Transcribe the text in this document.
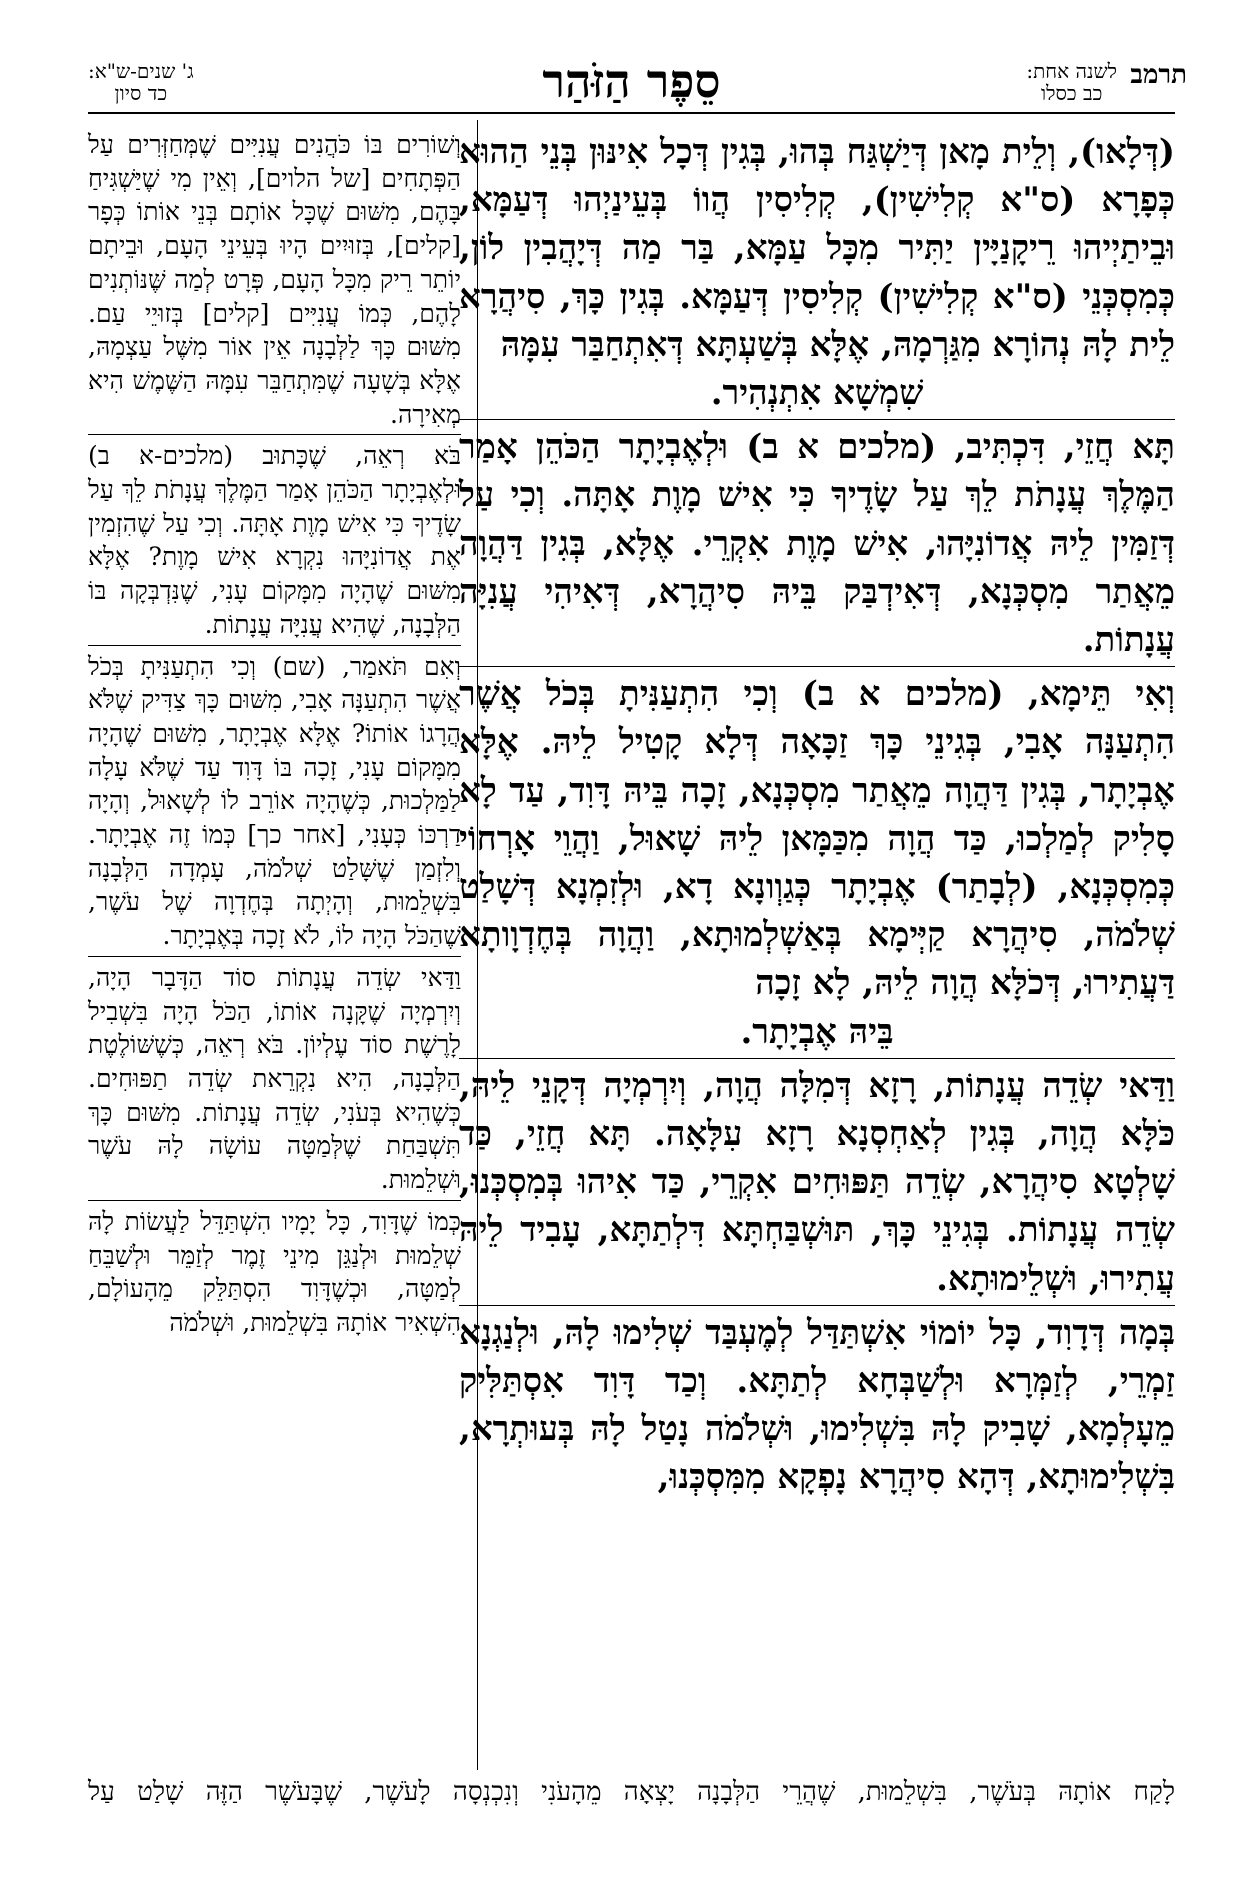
תרמב
לשנה אחת:
כב כסלו
סֵפֶר הַזֹּהַר
ג' שנים-ש"א:
כד סיון

(דְּלָאו), וְלֵית מָאן דְּיַשְׁגַּח בְּהוּ, בְּגִין דְּכָל אִינּוּן בְּנֵי הַהוּא כְּפָרָא (ס"א קְלִישִׁין), קְלִיסִין הֲווֹ בְּעֵינַיְהוּ דְּעַמָּא, וּבֵיתַיְיהוּ רֵיקָנַיָּין יַתִּיר מִכָּל עַמָּא, בַּר מַה דְּיָהֲבִין לוֹן, כְּמִסְכְּנֵי (ס"א קְלִישִׁין) קְלִיסִין דְּעַמָּא. בְּגִין כָּךְ, סִיהֲרָא לֵית לָהּ נְהוֹרָא מִגַּרְמָהּ, אֶלָּא בְּשַׁעְתָּא דְּאִתְחַבַּר עִמָּהּ

שִׁמְשָׁא אִתְנְהִיר.

תָּא חֲזֵי, דִּכְתִּיב, (מלכים א ב) וּלְאֶבְיָתָר הַכֹּהֵן אָמַר הַמֶּלֶךְ עֲנָתֹת לֵךְ עַל שָׂדֶיךָ כִּי אִישׁ מָוֶת אָתָּה. וְכִי עַל דְּזַמִּין לֵיהּ אֲדוֹנִיָּהוּ, אִישׁ מָוֶת אִקְרֵי. אֶלָּא, בְּגִין דַּהֲוָה מֵאֲתַר מִסְכְּנָא, דְּאִידְבַּק בֵּיהּ סִיהֲרָא, דְּאִיהִי עֲנִיָּה עֲנָתוֹת.

וְאִי תֵּימָא, (מלכים א ב) וְכִי הִתְעַנִּיתָ בְּכֹל אֲשֶׁר הִתְעַנָּה אָבִי, בְּגִינֵי כָּךְ זַכָּאָה דְּלָא קָטִיל לֵיהּ. אֶלָּא אֶבְיָתָר, בְּגִין דַּהֲוָה מֵאֲתַר מִסְכְּנָא, זָכָה בֵּיהּ דָּוִד, עַד לָא סָלִיק לְמַלְכוּ, כַּד הֲוָה מִכַּמָּאן לֵיהּ שָׁאוּל, וַהֲוֵי אָרְחוֹי כְּמִסְכְּנָא, (לְבָתַר) אֶבְיָתָר כְּגַוְונָא דָא, וּלְזִמְנָא דְּשָׁלַט שְׁלֹמֹה, סִיהֲרָא קַיְּימָא בְּאַשְׁלְמוּתָא, וַהֲוָה בְּחֶדְוָותָא דַּעֲתִירוּ, דְּכֹלָּא הֲוָה לֵיהּ, לָא זָכָה

בֵּיהּ אֶבְיָתָר.

וַדַּאי שְׂדֵה עֲנָתוֹת, רָזָא דְּמִלָּה הֲוָה, וְיִרְמְיָה דְּקָנֵי לֵיהּ, כֹּלָּא הֲוָה, בְּגִין לְאַחְסְנָא רָזָא עִלָּאָה. תָּא חֲזֵי, כַּד שָׁלְטָא סִיהֲרָא, שְׂדֵה תַּפּוּחִים אִקְרֵי, כַּד אִיהוּ בְּמִסְכְּנוּ, שְׂדֵה עֲנָתוֹת. בְּגִינֵי כָּךְ, תּוּשְׁבַּחְתָּא דִּלְתַתָּא, עָבִיד לֵיהּ עֲתִירוּ, וּשְׁלֵימוּתָא.

בְּמָה דְּדָוִד, כָּל יוֹמוֹי אִשְׁתַּדַּל לְמֶעְבַּד שְׁלִימוּ לָהּ, וּלְנַגְנָא זַמְרֵי, לְזַמְּרָא וּלְשַׁבְּחָא לְתַתָּא. וְכַד דָּוִד אִסְתַּלִּיק מֵעָלְמָא, שָׁבִיק לָהּ בִּשְׁלִימוּ, וּשְׁלֹמֹה נָטַל לָהּ בְּעוּתְרָא, בִּשְׁלִימוּתָא, דְּהָא סִיהֲרָא נָפְקָא מִמִּסְכְּנוּ,

וְשׁוֹרִים בּוֹ כֹּהֲנִים עֲנִיִּים שֶׁמְּחַזְּרִים עַל הַפְּתָחִים [של הלוים], וְאֵין מִי שֶׁיַּשְׁגִּיחַ בָּהֶם, מִשּׁוּם שֶׁכָּל אוֹתָם בְּנֵי אוֹתוֹ כְּפָר [קלים], בְּזוּיִים הָיוּ בְּעֵינֵי הָעָם, וּבֵיתָם יוֹתֵר רֵיק מִכָּל הָעָם, פְּרָט לְמַה שֶּׁנּוֹתְנִים לָהֶם, כְּמוֹ עֲנִיִּים [קלים] בְּזוּיֵי עַם. מִשּׁוּם כָּךְ לַלְּבָנָה אֵין אוֹר מִשֶּׁל עַצְמָהּ, אֶלָּא בְּשָׁעָה שֶׁמִּתְחַבֵּר עִמָּהּ הַשֶּׁמֶשׁ הִיא מְאִירָה.

בֹּא רְאֵה, שֶׁכָּתוּב (מלכים-א ב) וּלְאֶבְיָתָר הַכֹּהֵן אָמַר הַמֶּלֶךְ עֲנָתֹת לֵךְ עַל שָׂדֶיךָ כִּי אִישׁ מָוֶת אָתָּה. וְכִי עַל שֶׁהִזְמִין אֶת אֲדוֹנִיָּהוּ נִקְרָא אִישׁ מָוֶת? אֶלָּא מִשּׁוּם שֶׁהָיָה מִמָּקוֹם עָנִי, שֶׁנִּדְבְּקָה בּוֹ הַלְּבָנָה, שֶׁהִיא עֲנִיָּה עֲנָתוֹת.

וְאִם תֹּאמַר, (שם) וְכִי הִתְעַנִּיתָ בְּכֹל אֲשֶׁר הִתְעַנָּה אָבִי, מִשּׁוּם כָּךְ צַדִּיק שֶׁלֹּא הֲרָגוֹ אוֹתוֹ? אֶלָּא אֶבְיָתָר, מִשּׁוּם שֶׁהָיָה מִמָּקוֹם עָנִי, זָכָה בּוֹ דָּוִד עַד שֶׁלֹּא עָלָה לַמַּלְכוּת, כְּשֶׁהָיָה אוֹרֵב לוֹ לְשָׁאוּל, וְהָיָה דַרְכּוֹ כְּעָנִי, [אחר כך] כְּמוֹ זֶה אֶבְיָתָר. וְלִזְמַן שֶׁשָּׁלַט שְׁלֹמֹה, עָמְדָה הַלְּבָנָה בִּשְׁלֵמוּת, וְהָיְתָה בְּחֶדְוָה שֶׁל עֹשֶׁר, שֶׁהַכֹּל הָיָה לוֹ, לֹא זָכָה בְּאֶבְיָתָר.

וַדַּאי שְׂדֵה עֲנָתוֹת סוֹד הַדָּבָר הָיָה, וְיִרְמְיָה שֶׁקָּנָה אוֹתוֹ, הַכֹּל הָיָה בִּשְׁבִיל לָרֶשֶׁת סוֹד עֶלְיוֹן. בֹּא רְאֵה, כְּשֶׁשּׁוֹלֶטֶת הַלְּבָנָה, הִיא נִקְרֵאת שְׂדֵה תַפּוּחִים. כְּשֶׁהִיא בְּעֹנִי, שְׂדֵה עֲנָתוֹת. מִשּׁוּם כָּךְ תִּשְׁבַּחַת שֶׁלְּמַטָּה עוֹשָׂה לָהּ עֹשֶׁר וּשְׁלֵמוּת.

כְּמוֹ שֶׁדָּוִד, כָּל יָמָיו הִשְׁתַּדֵּל לַעֲשׂוֹת לָהּ שְׁלֵמוּת וּלְנַגֵּן מִינֵי זֶמֶר לְזַמֵּר וּלְשַׁבֵּחַ לְמַטָּה, וּכְשֶׁדָּוִד הִסְתַּלֵּק מֵהָעוֹלָם, הִשְׁאִיר אוֹתָהּ בִּשְׁלֵמוּת, וּשְׁלֹמֹה

לָקַח אוֹתָהּ בְּעֹשֶׁר, בִּשְׁלֵמוּת, שֶׁהֲרֵי הַלְּבָנָה יָצְאָה מֵהָעֹנִי וְנִכְנְסָה לָעֹשֶׁר, שֶׁבָּעֹשֶׁר הַזֶּה שָׁלַט עַל
